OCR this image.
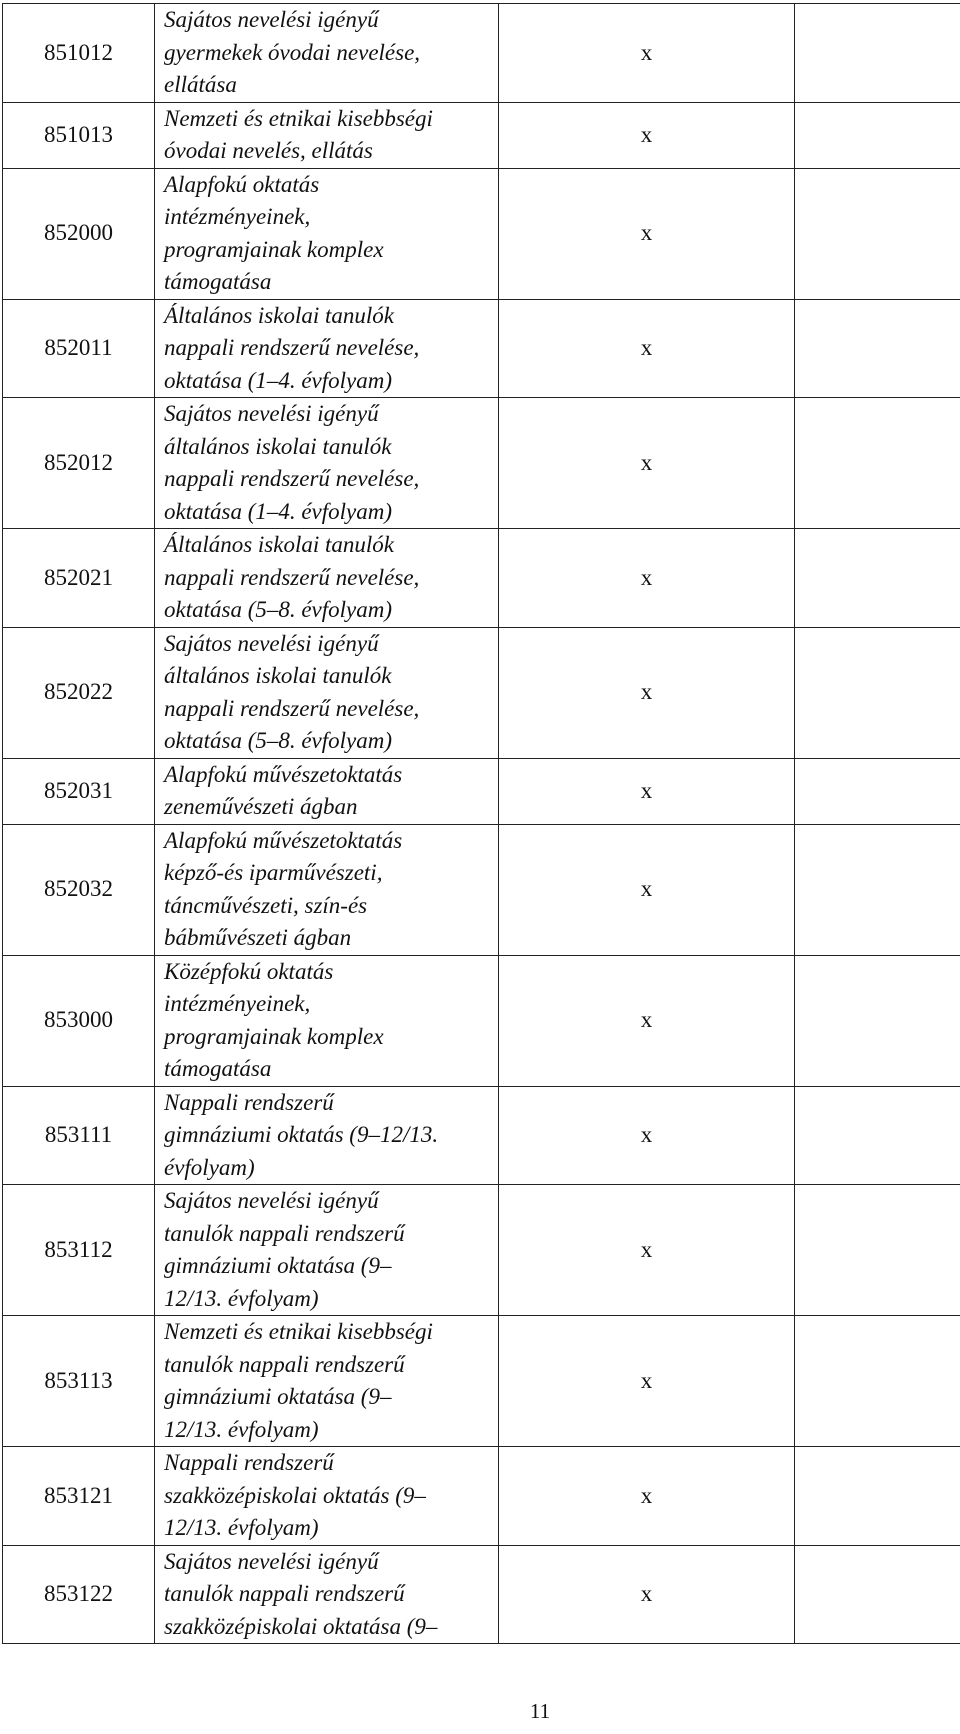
851012	Sajátos nevelési igényű
gyermekek óvodai nevelése,
ellátása	x	
851013	Nemzeti és etnikai kisebbségi
óvodai nevelés, ellátás	x	
852000	Alapfokú oktatás
intézményeinek,
programjainak komplex
támogatása	x	
852011	Általános iskolai tanulók
nappali rendszerű nevelése,
oktatása (1–4. évfolyam)	x	
852012	Sajátos nevelési igényű
általános iskolai tanulók
nappali rendszerű nevelése,
oktatása (1–4. évfolyam)	x	
852021	Általános iskolai tanulók
nappali rendszerű nevelése,
oktatása (5–8. évfolyam)	x	
852022	Sajátos nevelési igényű
általános iskolai tanulók
nappali rendszerű nevelése,
oktatása (5–8. évfolyam)	x	
852031	Alapfokú művészetoktatás
zeneművészeti ágban	x	
852032	Alapfokú művészetoktatás
képző-és iparművészeti,
táncművészeti, szín-és
bábművészeti ágban	x	
853000	Középfokú oktatás
intézményeinek,
programjainak komplex
támogatása	x	
853111	Nappali rendszerű
gimnáziumi oktatás (9–12/13.
évfolyam)	x	
853112	Sajátos nevelési igényű
tanulók nappali rendszerű
gimnáziumi oktatása (9–
12/13. évfolyam)	x	
853113	Nemzeti és etnikai kisebbségi
tanulók nappali rendszerű
gimnáziumi oktatása (9–
12/13. évfolyam)	x	
853121	Nappali rendszerű
szakközépiskolai oktatás (9–
12/13. évfolyam)	x	
853122	Sajátos nevelési igényű
tanulók nappali rendszerű
szakközépiskolai oktatása (9–	x	
11
